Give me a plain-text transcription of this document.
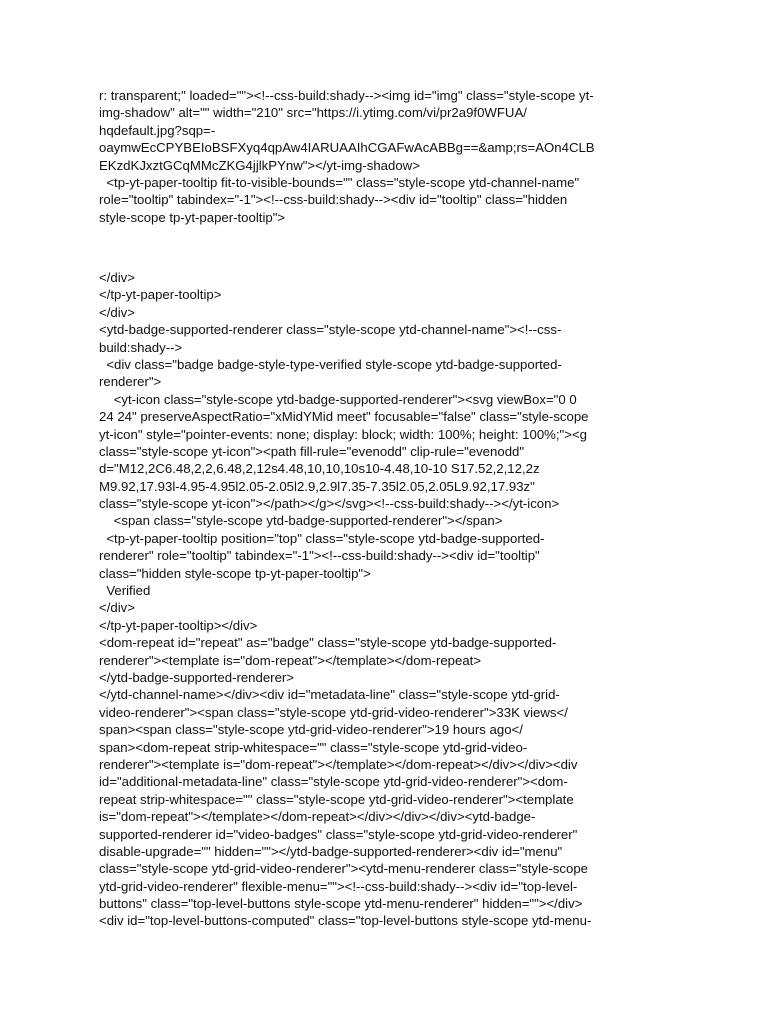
r: transparent;" loaded=""><!--css-build:shady--><img id="img" class="style-scope yt-
img-shadow" alt="" width="210" src="https://i.ytimg.com/vi/pr2a9f0WFUA/
hqdefault.jpg?sqp=-
oaymwEcCPYBEIoBSFXyq4qpAw4IARUAAIhCGAFwAcABBg==&amp;rs=AOn4CLB
EKzdKJxztGCqMMcZKG4jjlkPYnw"></yt-img-shadow>
<tp-yt-paper-tooltip fit-to-visible-bounds="" class="style-scope ytd-channel-name"
role="tooltip" tabindex="-1"><!--css-build:shady--><div id="tooltip" class="hidden
style-scope tp-yt-paper-tooltip">
</div>
</tp-yt-paper-tooltip>
</div>
<ytd-badge-supported-renderer class="style-scope ytd-channel-name"><!--css-
build:shady-->
<div class="badge badge-style-type-verified style-scope ytd-badge-supported-
renderer">
<yt-icon class="style-scope ytd-badge-supported-renderer"><svg viewBox="0 0
24 24" preserveAspectRatio="xMidYMid meet" focusable="false" class="style-scope
yt-icon" style="pointer-events: none; display: block; width: 100%; height: 100%;"><g
class="style-scope yt-icon"><path fill-rule="evenodd" clip-rule="evenodd"
d="M12,2C6.48,2,2,6.48,2,12s4.48,10,10,10s10-4.48,10-10 S17.52,2,12,2z
M9.92,17.93l-4.95-4.95l2.05-2.05l2.9,2.9l7.35-7.35l2.05,2.05L9.92,17.93z"
class="style-scope yt-icon"></path></g></svg><!--css-build:shady--></yt-icon>
<span class="style-scope ytd-badge-supported-renderer"></span>
<tp-yt-paper-tooltip position="top" class="style-scope ytd-badge-supported-
renderer" role="tooltip" tabindex="-1"><!--css-build:shady--><div id="tooltip"
class="hidden style-scope tp-yt-paper-tooltip">
Verified
</div>
</tp-yt-paper-tooltip></div>
<dom-repeat id="repeat" as="badge" class="style-scope ytd-badge-supported-
renderer"><template is="dom-repeat"></template></dom-repeat>
</ytd-badge-supported-renderer>
</ytd-channel-name></div><div id="metadata-line" class="style-scope ytd-grid-
video-renderer"><span class="style-scope ytd-grid-video-renderer">33K views</
span><span class="style-scope ytd-grid-video-renderer">19 hours ago</
span><dom-repeat strip-whitespace="" class="style-scope ytd-grid-video-
renderer"><template is="dom-repeat"></template></dom-repeat></div></div><div
id="additional-metadata-line" class="style-scope ytd-grid-video-renderer"><dom-
repeat strip-whitespace="" class="style-scope ytd-grid-video-renderer"><template
is="dom-repeat"></template></dom-repeat></div></div></div><ytd-badge-
supported-renderer id="video-badges" class="style-scope ytd-grid-video-renderer"
disable-upgrade="" hidden=""></ytd-badge-supported-renderer><div id="menu"
class="style-scope ytd-grid-video-renderer"><ytd-menu-renderer class="style-scope
ytd-grid-video-renderer" flexible-menu=""><!--css-build:shady--><div id="top-level-
buttons" class="top-level-buttons style-scope ytd-menu-renderer" hidden=""></div>
<div id="top-level-buttons-computed" class="top-level-buttons style-scope ytd-menu-
